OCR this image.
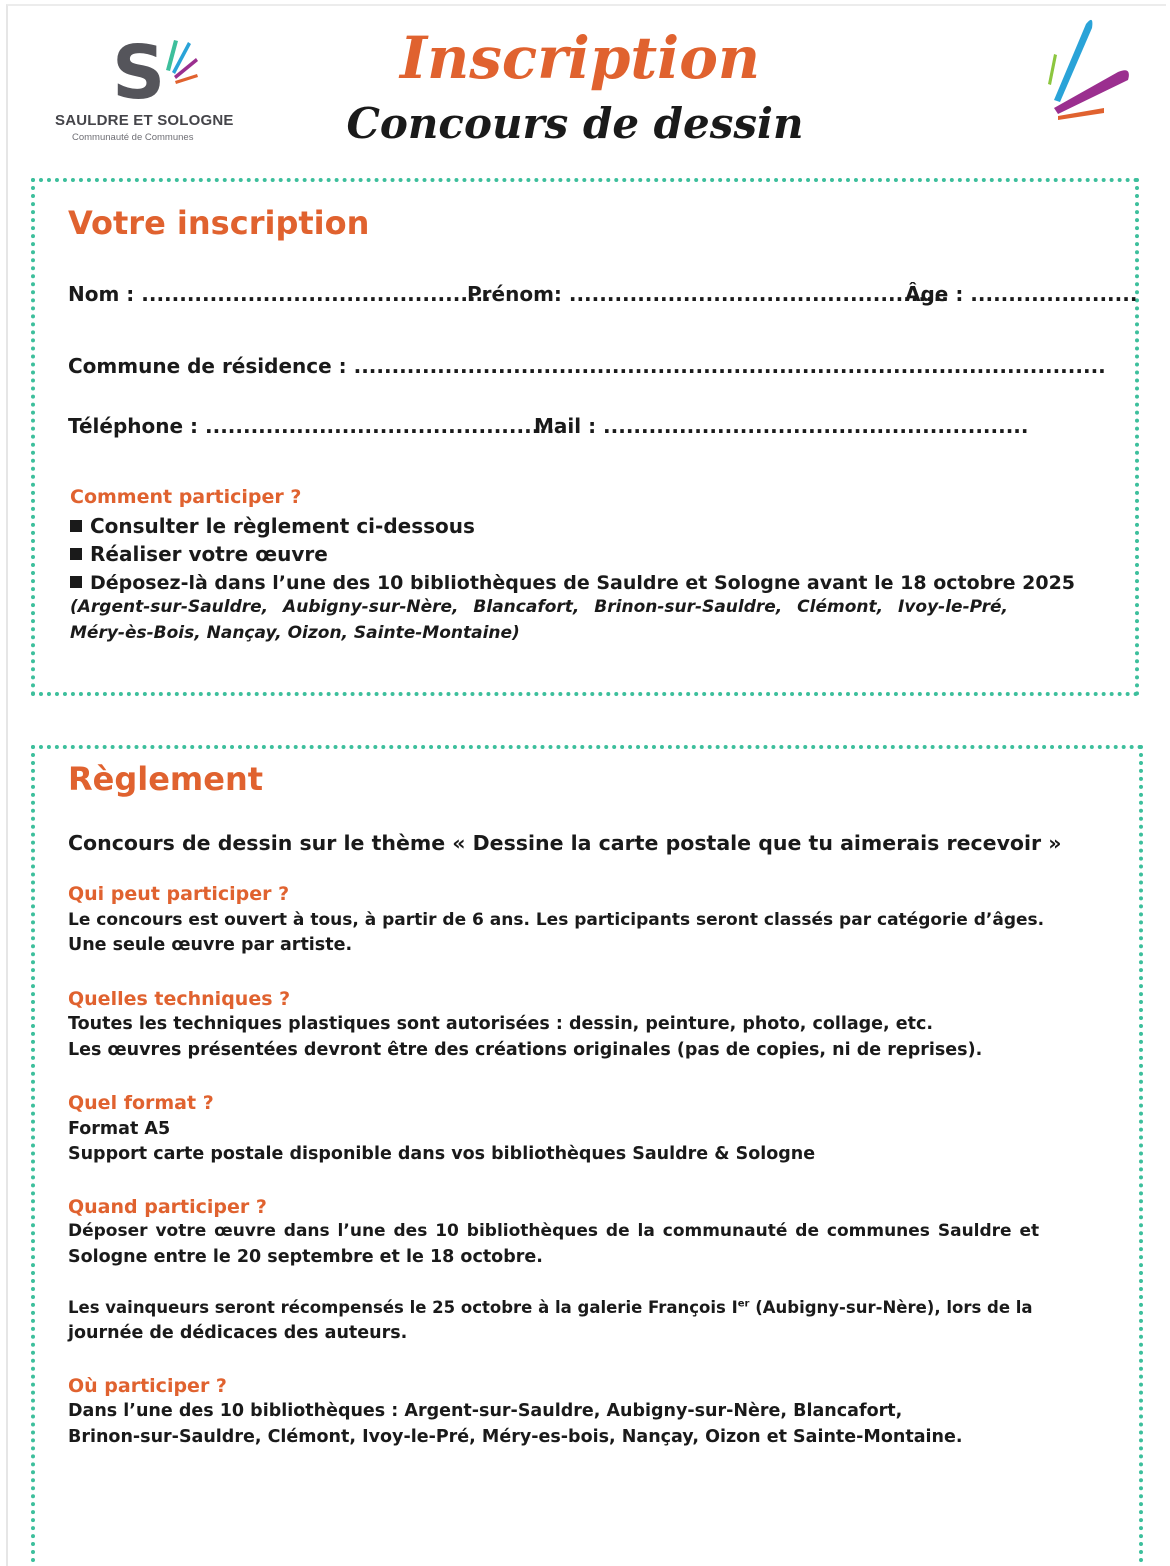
S
SAULDRE ET SOLOGNE
Communauté de Communes
Inscription
Concours de dessin
Votre inscription
Nom : ..............................................
Prénom: ..................................................
Âge : ......................
Commune de résidence : ...................................................................................................
Téléphone : ..............................................
Mail : ........................................................
Comment participer ?
Consulter le règlement ci-dessous
Réaliser votre œuvre
Déposez-là dans l’une des 10 bibliothèques de Sauldre et Sologne avant le 18 octobre 2025
(Argent-sur-Sauldre, Aubigny-sur-Nère, Blancafort, Brinon-sur-Sauldre, Clémont, Ivoy-le-Pré,
Méry-ès-Bois, Nançay, Oizon, Sainte-Montaine)
Règlement
Concours de dessin sur le thème « Dessine la carte postale que tu aimerais recevoir »
Qui peut participer ?
Le concours est ouvert à tous, à partir de 6 ans. Les participants seront classés par catégorie d’âges.
Une seule œuvre par artiste.
Quelles techniques ?
Toutes les techniques plastiques sont autorisées : dessin, peinture, photo, collage, etc.
Les œuvres présentées devront être des créations originales (pas de copies, ni de reprises).
Quel format ?
Format A5
Support carte postale disponible dans vos bibliothèques Sauldre & Sologne
Quand participer ?
Déposer votre œuvre dans l’une des 10 bibliothèques de la communauté de communes Sauldre et
Sologne entre le 20 septembre et le 18 octobre.
Les vainqueurs seront récompensés le 25 octobre à la galerie François Ier (Aubigny-sur-Nère), lors de la
journée de dédicaces des auteurs.
Où participer ?
Dans l’une des 10 bibliothèques : Argent-sur-Sauldre, Aubigny-sur-Nère, Blancafort,
Brinon-sur-Sauldre, Clémont, Ivoy-le-Pré, Méry-es-bois, Nançay, Oizon et Sainte-Montaine.
